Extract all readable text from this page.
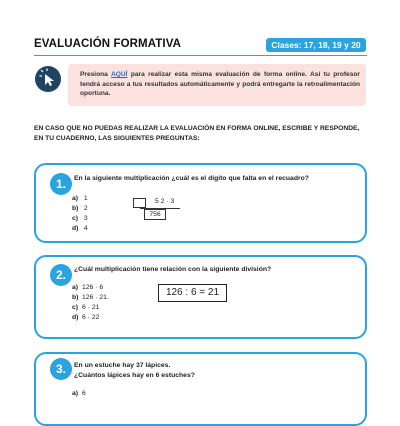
EVALUACIÓN FORMATIVA	Clases: 17, 18, 19 y 20
Presiona AQUÍ para realizar esta misma evaluación de forma online. Así tu profesor tendrá acceso a tus resultados automáticamente y podrá entregarte la retroalimentación oportuna.
EN CASO QUE NO PUEDAS REALIZAR LA EVALUACIÓN EN FORMA ONLINE, ESCRIBE Y RESPONDE, EN TU CUADERNO, LAS SIGUIENTES PREGUNTAS:
1.	En la siguiente multiplicación ¿cuál es el dígito que falta en el recuadro?
a) 1
b) 2
c) 3
d) 4
5 2 · 3
756
2.	¿Cuál multiplicación tiene relación con la siguiente división?
a) 126 · 6
b) 126 · 21.
c) 6 · 21
d) 6 · 22
126 : 6 = 21
3.	En un estuche hay 37 lápices.
¿Cuántos lápices hay en 6 estuches?
a) 6
